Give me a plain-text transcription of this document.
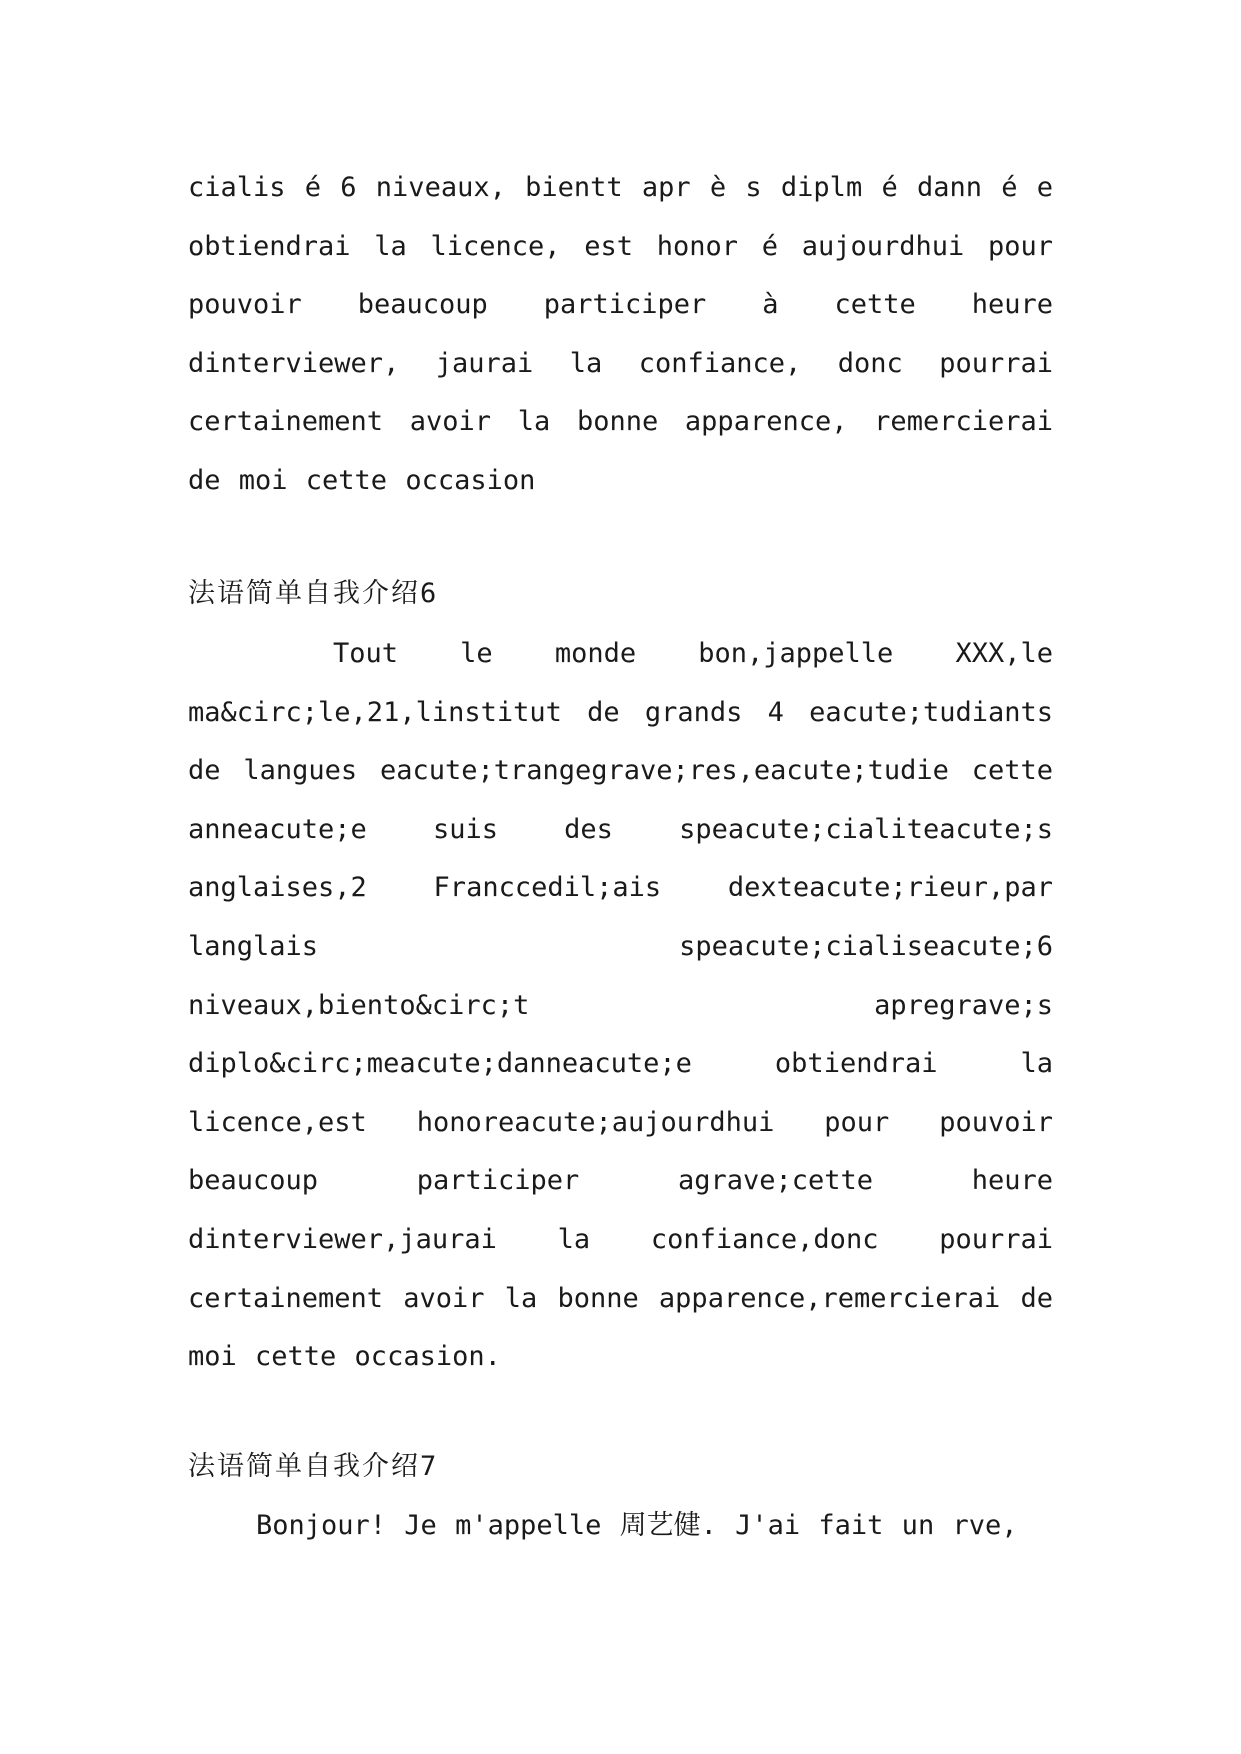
cialis é 6 niveaux, bientt apr è s diplm é dann é e obtiendrai la licence, est honor é aujourdhui pour pouvoir beaucoup participer à cette heure dinterviewer, jaurai la confiance, donc pourrai certainement avoir la bonne apparence, remercierai de moi cette occasion
法语简单自我介绍6
Tout le monde bon,jappelle XXX,le ma&circ;le,21,linstitut de grands 4 eacute;tudiants de langues eacute;trangegrave;res,eacute;tudie cette anneacute;e suis des speacute;cialiteacute;s anglaises,2 Franccedil;ais dexteacute;rieur,par langlais speacute;cialiseacute;6 niveaux,biento&circ;t apregrave;s diplo&circ;meacute;danneacute;e obtiendrai la licence,est honoreacute;aujourdhui pour pouvoir beaucoup participer agrave;cette heure dinterviewer,jaurai la confiance,donc pourrai certainement avoir la bonne apparence,remercierai de moi cette occasion.
法语简单自我介绍7
Bonjour! Je m'appelle 周艺健. J'ai fait un rve,
